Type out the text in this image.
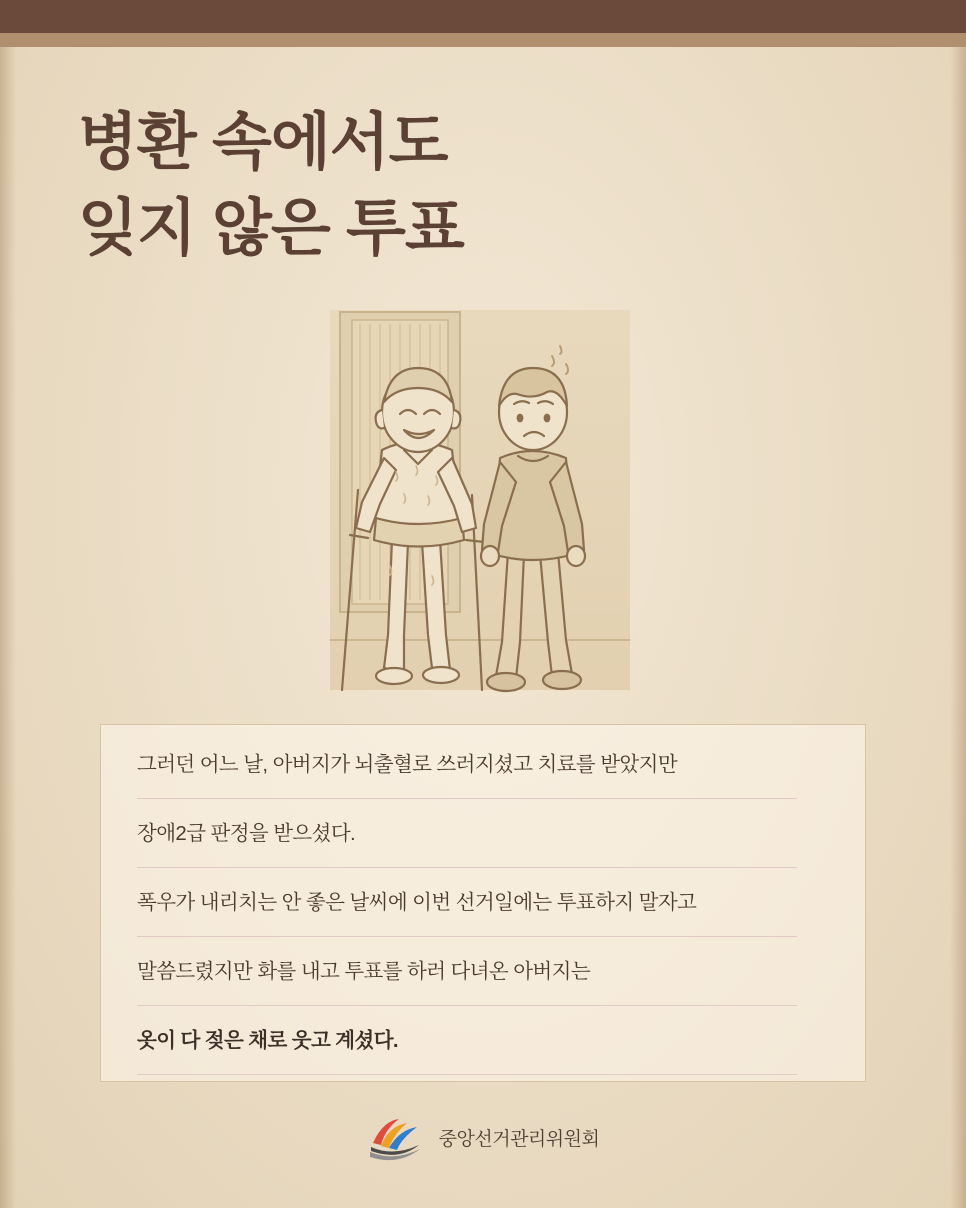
병환 속에서도
잊지 않은 투표
그러던 어느 날, 아버지가 뇌출혈로 쓰러지셨고 치료를 받았지만
장애2급 판정을 받으셨다.
폭우가 내리치는 안 좋은 날씨에 이번 선거일에는 투표하지 말자고
말씀드렸지만 화를 내고 투표를 하러 다녀온 아버지는
옷이 다 젖은 채로 웃고 계셨다.
중앙선거관리위원회
